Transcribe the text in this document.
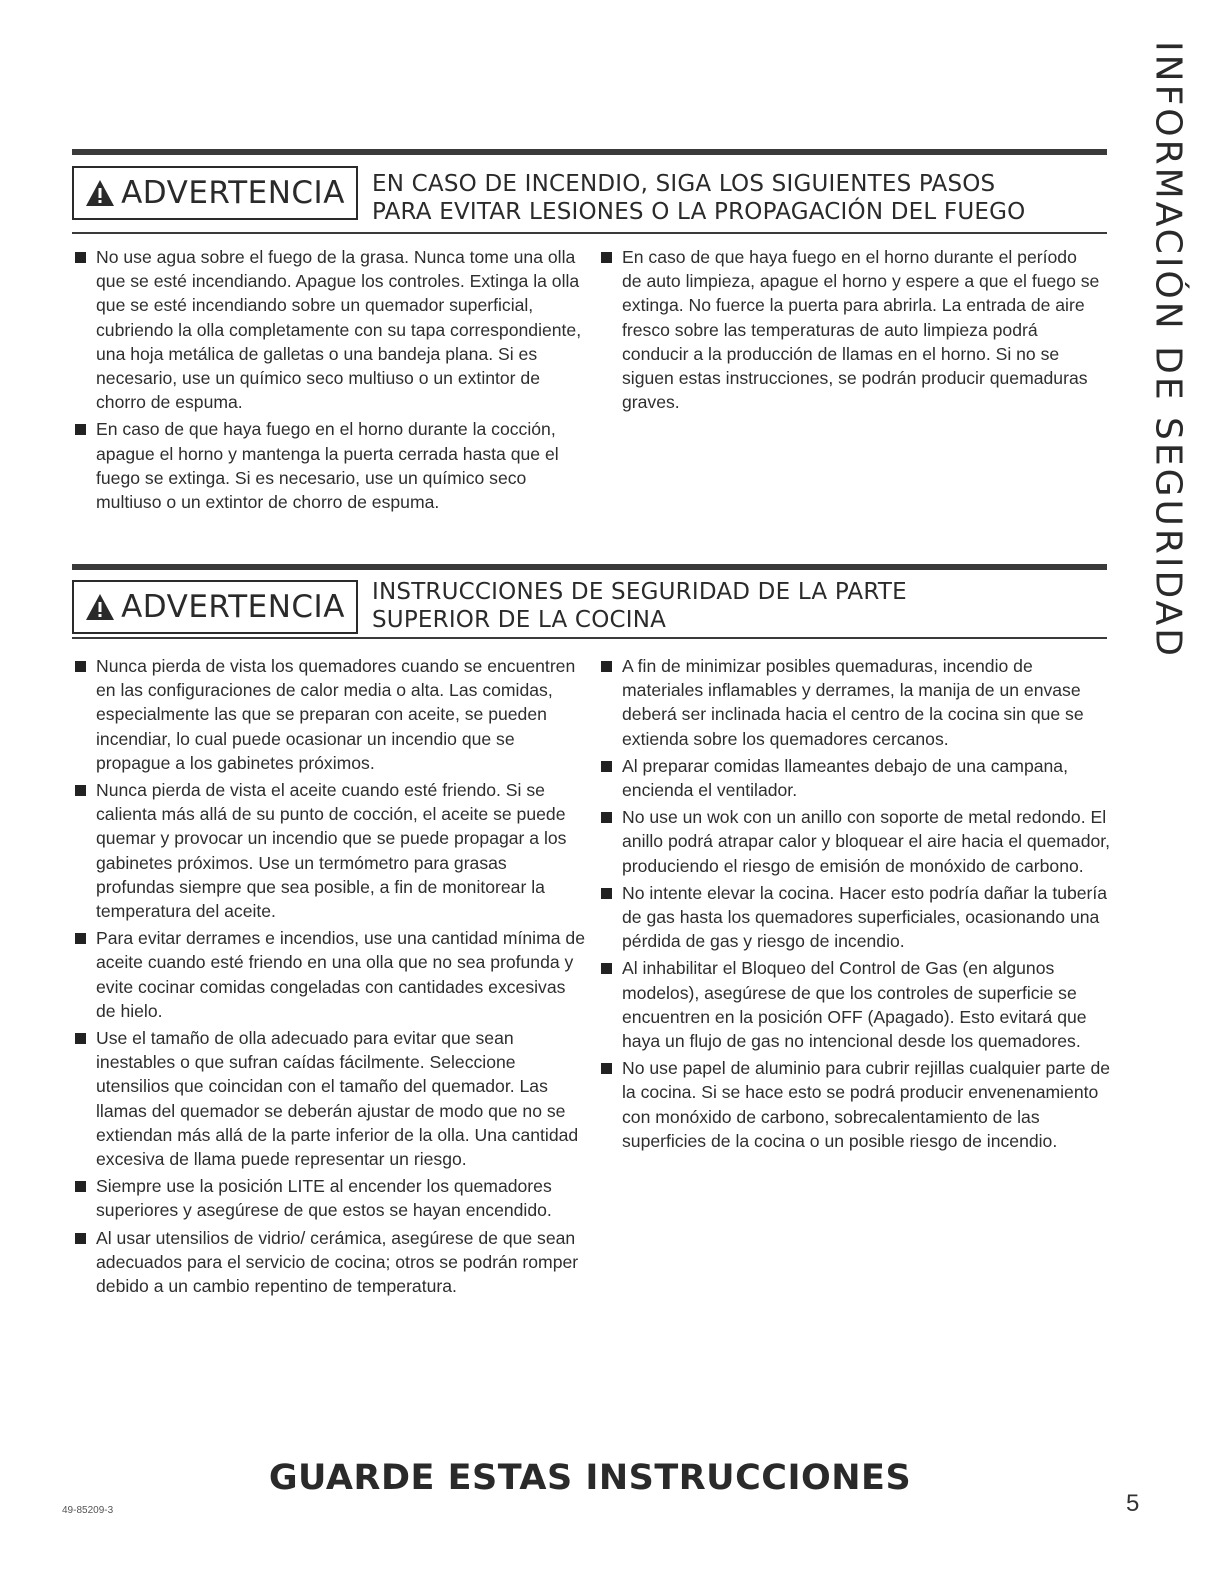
INFORMACIÓN DE SEGURIDAD
ADVERTENCIA EN CASO DE INCENDIO, SIGA LOS SIGUIENTES PASOS
PARA EVITAR LESIONES O LA PROPAGACIÓN DEL FUEGO
No use agua sobre el fuego de la grasa. Nunca tome una olla que se esté incendiando. Apague los controles. Extinga la olla que se esté incendiando sobre un quemador superficial, cubriendo la olla completamente con su tapa correspondiente, una hoja metálica de galletas o una bandeja plana. Si es necesario, use un químico seco multiuso o un extintor de chorro de espuma.
En caso de que haya fuego en el horno durante la cocción, apague el horno y mantenga la puerta cerrada hasta que el fuego se extinga. Si es necesario, use un químico seco multiuso o un extintor de chorro de espuma.
En caso de que haya fuego en el horno durante el período de auto limpieza, apague el horno y espere a que el fuego se extinga. No fuerce la puerta para abrirla. La entrada de aire fresco sobre las temperaturas de auto limpieza podrá conducir a la producción de llamas en el horno. Si no se siguen estas instrucciones, se podrán producir quemaduras graves.
ADVERTENCIA INSTRUCCIONES DE SEGURIDAD DE LA PARTE
SUPERIOR DE LA COCINA
Nunca pierda de vista los quemadores cuando se encuentren en las configuraciones de calor media o alta. Las comidas, especialmente las que se preparan con aceite, se pueden incendiar, lo cual puede ocasionar un incendio que se propague a los gabinetes próximos.
Nunca pierda de vista el aceite cuando esté friendo. Si se calienta más allá de su punto de cocción, el aceite se puede quemar y provocar un incendio que se puede propagar a los gabinetes próximos. Use un termómetro para grasas profundas siempre que sea posible, a fin de monitorear la temperatura del aceite.
Para evitar derrames e incendios, use una cantidad mínima de aceite cuando esté friendo en una olla que no sea profunda y evite cocinar comidas congeladas con cantidades excesivas de hielo.
Use el tamaño de olla adecuado para evitar que sean inestables o que sufran caídas fácilmente. Seleccione utensilios que coincidan con el tamaño del quemador. Las llamas del quemador se deberán ajustar de modo que no se extiendan más allá de la parte inferior de la olla. Una cantidad excesiva de llama puede representar un riesgo.
Siempre use la posición LITE al encender los quemadores superiores y asegúrese de que estos se hayan encendido.
Al usar utensilios de vidrio/ cerámica, asegúrese de que sean adecuados para el servicio de cocina; otros se podrán romper debido a un cambio repentino de temperatura.
A fin de minimizar posibles quemaduras, incendio de materiales inflamables y derrames, la manija de un envase deberá ser inclinada hacia el centro de la cocina sin que se extienda sobre los quemadores cercanos.
Al preparar comidas llameantes debajo de una campana, encienda el ventilador.
No use un wok con un anillo con soporte de metal redondo. El anillo podrá atrapar calor y bloquear el aire hacia el quemador, produciendo el riesgo de emisión de monóxido de carbono.
No intente elevar la cocina. Hacer esto podría dañar la tubería de gas hasta los quemadores superficiales, ocasionando una pérdida de gas y riesgo de incendio.
Al inhabilitar el Bloqueo del Control de Gas (en algunos modelos), asegúrese de que los controles de superficie se encuentren en la posición OFF (Apagado). Esto evitará que haya un flujo de gas no intencional desde los quemadores.
No use papel de aluminio para cubrir rejillas cualquier parte de la cocina. Si se hace esto se podrá producir envenenamiento con monóxido de carbono, sobrecalentamiento de las superficies de la cocina o un posible riesgo de incendio.
GUARDE ESTAS INSTRUCCIONES
49-85209-3	5
